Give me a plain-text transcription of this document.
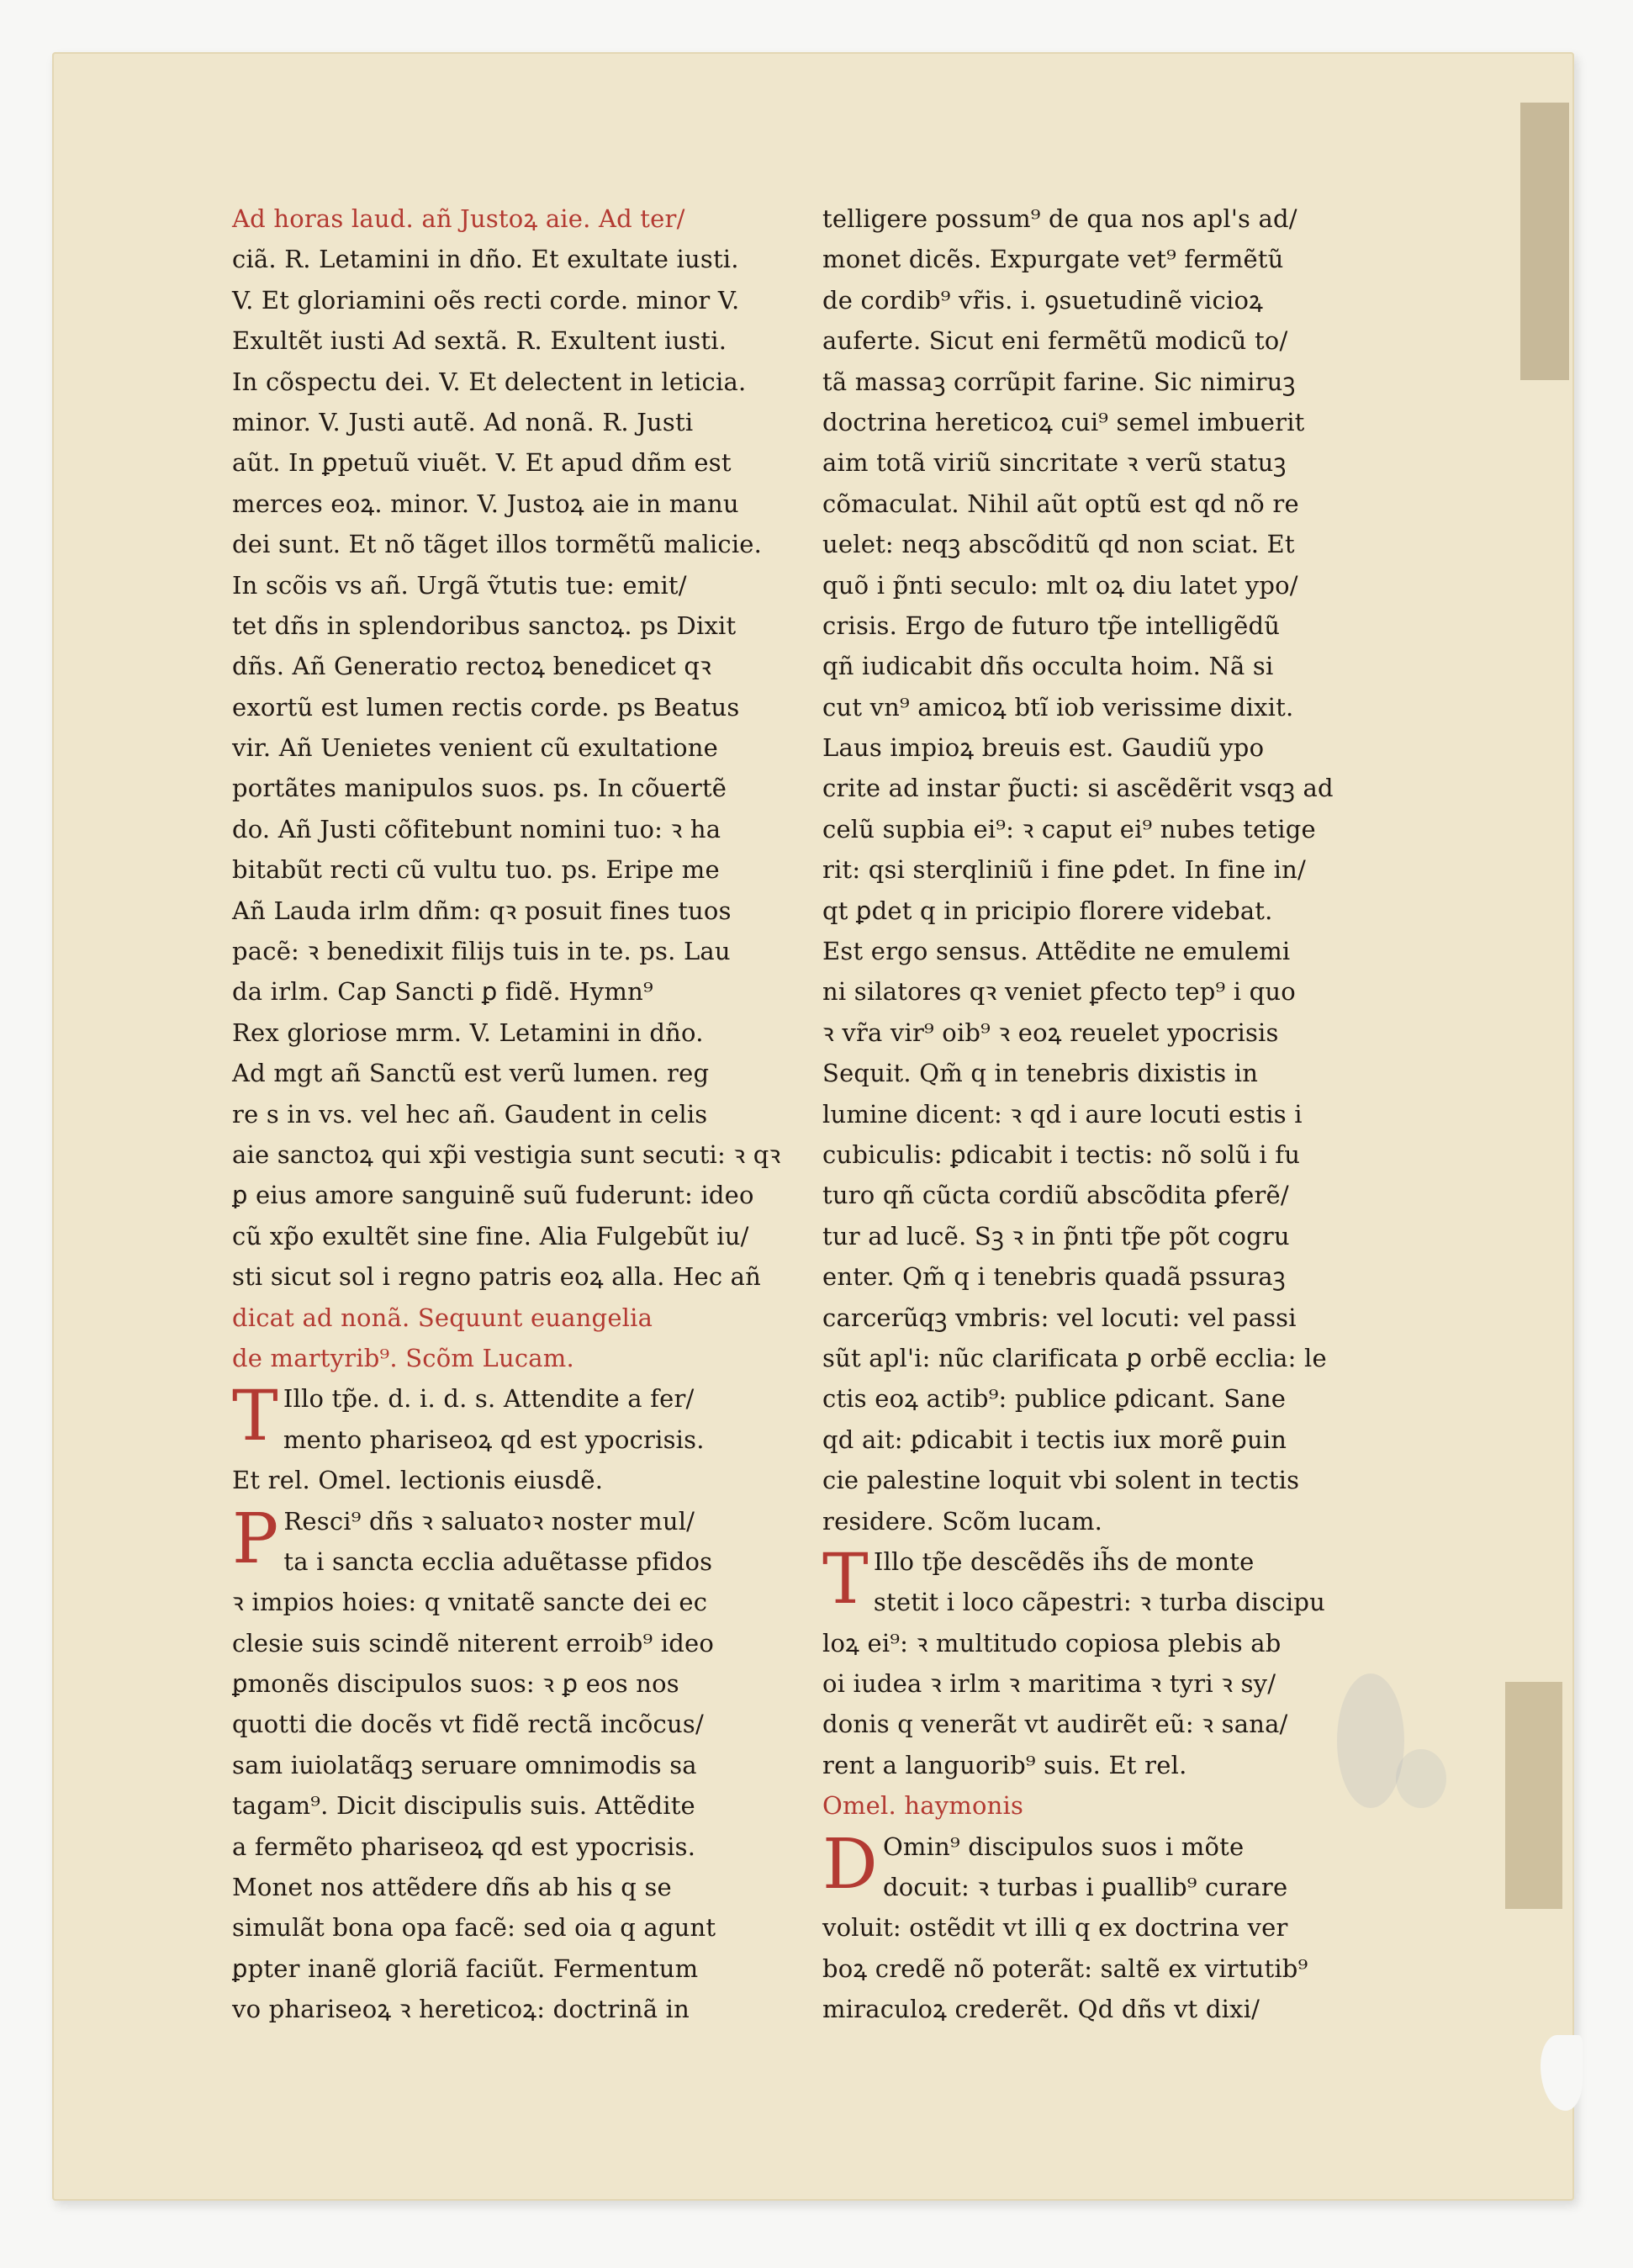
Ad horas laud. añ Justoꝝ aie. Ad ter/
ciã. R. Letamini in dño. Et exultate iusti.
V. Et gloriamini oẽs recti corde. minor V.
Exultẽt iusti Ad sextã. R. Exultent iusti.
In cõspectu dei. V. Et delectent in leticia.
minor. V. Justi autẽ. Ad nonã. R. Justi
aũt. In ꝑpetuũ viuẽt. V. Et apud dñm est
merces eoꝝ. minor. V. Justoꝝ aie in manu
dei sunt. Et nõ tãget illos tormẽtũ malicie.
In scõis vs añ. Urgã ṽtutis tue: emit/
tet dñs in splendoribus sanctoꝝ. ps Dixit
dñs. Añ Generatio rectoꝝ benedicet qꝛ
exortũ est lumen rectis corde. ps Beatus
vir. Añ Uenietes venient cũ exultatione
portãtes manipulos suos. ps. In cõuertẽ
do. Añ Justi cõfitebunt nomini tuo: ꝛ ha
bitabũt recti cũ vultu tuo. ps. Eripe me
Añ Lauda irlm dñm: qꝛ posuit fines tuos
pacẽ: ꝛ benedixit filijs tuis in te. ps. Lau
da irlm. Cap Sancti ꝑ fidẽ. Hymn⁹
Rex gloriose mrm. V. Letamini in dño.
Ad mgt añ Sanctũ est verũ lumen. reg
re s in vs. vel hec añ. Gaudent in celis
aie sanctoꝝ qui xp̃i vestigia sunt secuti: ꝛ qꝛ
ꝑ eius amore sanguinẽ suũ fuderunt: ideo
cũ xp̃o exultẽt sine fine. Alia Fulgebũt iu/
sti sicut sol i regno patris eoꝝ alla. Hec añ
dicat ad nonã. Sequunt euangelia
de martyrib⁹. Scõm Lucam.
T Illo tp̃e. d. i. d. s. Attendite a fer/
mento phariseoꝝ qd est ypocrisis.
Et rel. Omel. lectionis eiusdẽ.
P Resci⁹ dñs ꝛ saluatoꝛ noster mul/
ta i sancta ecclia aduẽtasse pfidos
ꝛ impios hoies: q vnitatẽ sancte dei ec
clesie suis scindẽ niterent erroib⁹ ideo
ꝑmonẽs discipulos suos: ꝛ ꝑ eos nos
quotti die docẽs vt fidẽ rectã incõcus/
sam iuiolatãqꝫ seruare omnimodis sa
tagam⁹. Dicit discipulis suis. Attẽdite
a fermẽto phariseoꝝ qd est ypocrisis.
Monet nos attẽdere dñs ab his q se
simulãt bona opa facẽ: sed oia q agunt
ꝑpter inanẽ gloriã faciũt. Fermentum
vo phariseoꝝ ꝛ hereticoꝝ: doctrinã in
telligere possum⁹ de qua nos apl's ad/
monet dicẽs. Expurgate vet⁹ fermẽtũ
de cordib⁹ vr̃is. i. ꝯsuetudinẽ vicioꝝ
auferte. Sicut eni fermẽtũ modicũ to/
tã massaꝫ corrũpit farine. Sic nimiruꝫ
doctrina hereticoꝝ cui⁹ semel imbuerit
aim totã viriũ sincritate ꝛ verũ statuꝫ
cõmaculat. Nihil aũt optũ est qd nõ re
uelet: neqꝫ abscõditũ qd non sciat. Et
quõ i p̃nti seculo: mlt oꝝ diu latet ypo/
crisis. Ergo de futuro tp̃e intelligẽdũ
qñ iudicabit dñs occulta hoim. Nã si
cut vn⁹ amicoꝝ btĩ iob verissime dixit.
Laus impioꝝ breuis est. Gaudiũ ypo
crite ad instar p̃ucti: si ascẽdẽrit vsqꝫ ad
celũ supbia ei⁹: ꝛ caput ei⁹ nubes tetige
rit: qsi sterqliniũ i fine ꝑdet. In fine in/
qt ꝑdet q in pricipio florere videbat.
Est ergo sensus. Attẽdite ne emulemi
ni silatores qꝛ veniet ꝑfecto tep⁹ i quo
ꝛ vr̃a vir⁹ oib⁹ ꝛ eoꝝ reuelet ypocrisis
Sequit. Qm̃ q in tenebris dixistis in
lumine dicent: ꝛ qd i aure locuti estis i
cubiculis: ꝑdicabit i tectis: nõ solũ i fu
turo qñ cũcta cordiũ abscõdita ꝑferẽ/
tur ad lucẽ. Sꝫ ꝛ in p̃nti tp̃e põt cogru
enter. Qm̃ q i tenebris quadã pssuraꝫ
carcerũqꝫ vmbris: vel locuti: vel passi
sũt apl'i: nũc clarificata ꝑ orbẽ ecclia: le
ctis eoꝝ actib⁹: publice ꝑdicant. Sane
qd ait: ꝑdicabit i tectis iux morẽ ꝑuin
cie palestine loquit vbi solent in tectis
residere. Scõm lucam.
T Illo tp̃e descẽdẽs ih̃s de monte
stetit i loco cãpestri: ꝛ turba discipu
loꝝ ei⁹: ꝛ multitudo copiosa plebis ab
oi iudea ꝛ irlm ꝛ maritima ꝛ tyri ꝛ sy/
donis q venerãt vt audirẽt eũ: ꝛ sana/
rent a languorib⁹ suis. Et rel.
Omel. haymonis
D Omin⁹ discipulos suos i mõte
docuit: ꝛ turbas i ꝑuallib⁹ curare
voluit: ostẽdit vt illi q ex doctrina ver
boꝝ credẽ nõ poterãt: saltẽ ex virtutib⁹
miraculoꝝ crederẽt. Qd dñs vt dixi/
